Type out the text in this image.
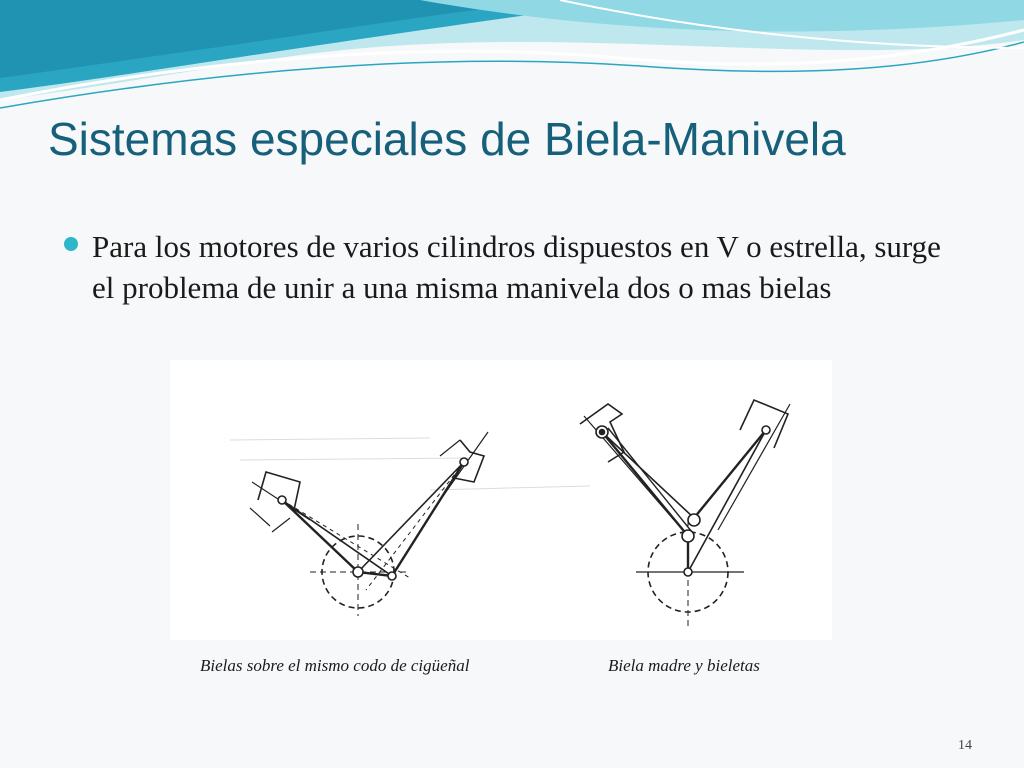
Sistemas especiales de Biela-Manivela
Para los motores de varios cilindros dispuestos en V o estrella, surge el problema de unir a una misma manivela dos o mas bielas
Bielas sobre el mismo codo de cigüeñal	Biela madre y bieletas
14
